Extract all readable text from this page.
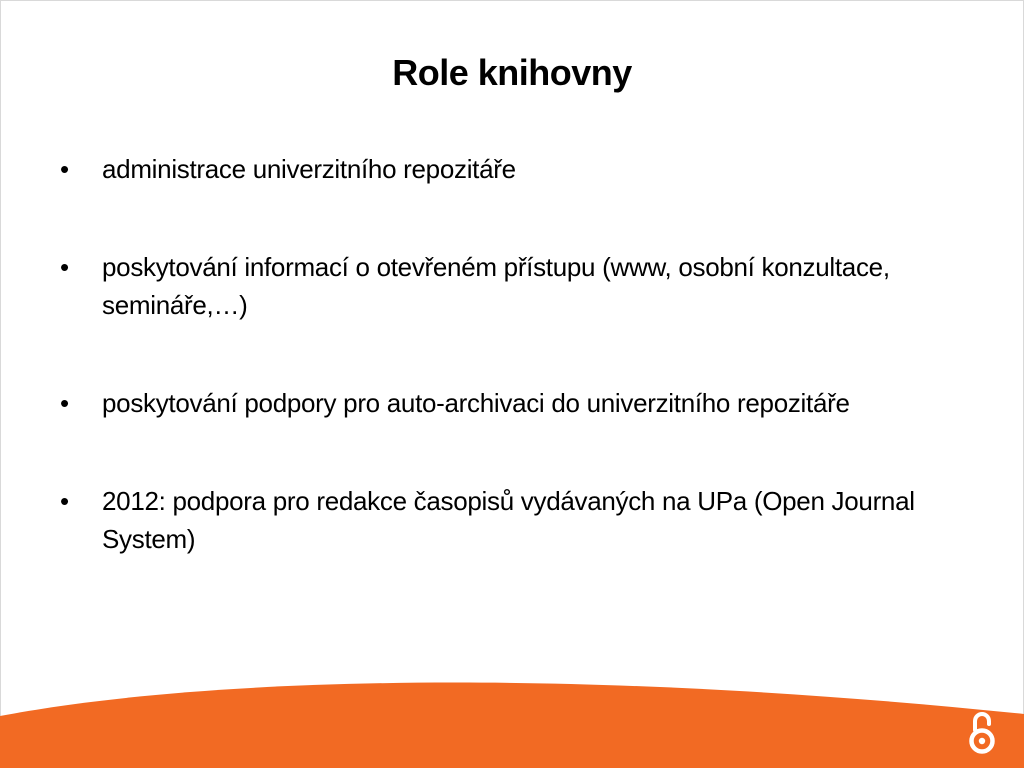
Role knihovny
• administrace univerzitního repozitáře
• poskytování informací o otevřeném přístupu (www, osobní konzultace, semináře,…)
• poskytování podpory pro auto-archivaci do univerzitního repozitáře
• 2012: podpora pro redakce časopisů vydávaných na UPa (Open Journal System)
